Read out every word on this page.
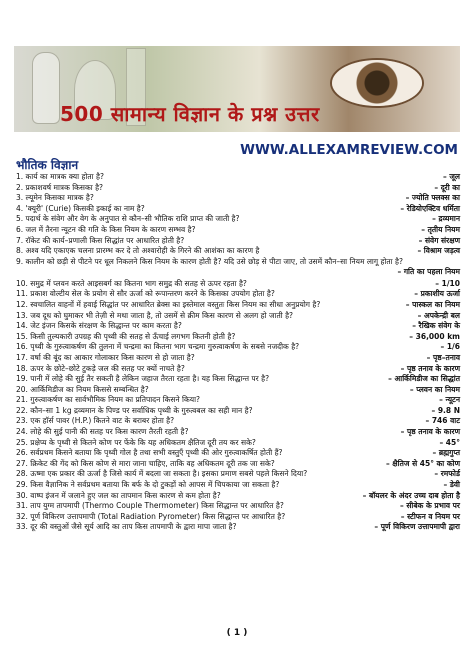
500 सामान्य विज्ञान के प्रश्न उत्तर
WWW.ALLEXAMREVIEW.COM
भौतिक विज्ञान
1. कार्य का मात्रक क्या होता है?	– जूल
2. प्रकाशवर्ष मात्रक किसका है?	– दूरी का
3. ल्यूमेन किसका मात्रक है?	– ज्योति फ्लक्स का
4. 'क्यूरी' (Curie) किसकी इकाई का नाम है?	– रेडियोएक्टिव धर्मिता
5. पदार्थ के संवेग और वेग के अनुपात से कौन–सी भौतिक राशि प्राप्त की जाती है?	– द्रव्यमान
6. जल में तैरना न्यूटन की गति के किस नियम के कारण सम्भव है?	– तृतीय नियम
7. रॉकेट की कार्य–प्रणाली किस सिद्धांत पर आधारित होती है?	– संवेग संरक्षण
8. अश्व यदि एकाएक चलना प्रारम्भ कर दे तो अश्वारोही के गिरने की आशंका का कारण है	– विश्राम जड़त्व
9. कालीन को छड़ी से पीटने पर धूल निकलने किस नियम के कारण होती है? यदि उसे छोड़ से पीटा जाए, तो उसमें कौन–सा नियम लागू होता है?
– गति का पहला नियम
10. समुद्र में प्लवन करते आइसबर्ग का कितना भाग समुद्र की सतह से ऊपर रहता है?	– 1/10
11. प्रकाश वोल्टीय सेल के प्रयोग से सौर ऊर्जा को रूपान्तरण करने के किसका उपयोग होता है?	– प्रकाशीय ऊर्जा
12. स्वचालित वाहनों में हवाई सिद्धांत पर आधारित ब्रेक्स का इस्तेमाल वस्तुतः किस नियम का सीधा अनुप्रयोग है?	– पास्कल का नियम
13. जब दूध को घुमाकर भी तेज़ी से मथा जाता है, तो उसमें से क्रीम किस कारण से अलग हो जाती है?	– अपकेन्द्री बल
14. जेट इंजन किसके संरक्षण के सिद्धान्त पर काम करता है?	– रैखिक संवेग के
15. किसी तुल्यकारी उपग्रह की पृथ्वी की सतह से ऊँचाई लगभग कितनी होती है?	– 36,000 km
16. पृथ्वी के गुरुत्वाकर्षण की तुलना में चन्द्रमा का कितना भाग चन्द्रमा गुरुत्वाकर्षण के सबसे नजदीक है?	– 1/6
17. वर्षा की बूंद का आकार गोलाकार किस कारण से हो जाता है?	– पृष्ठ–तनाव
18. ऊपर के छोटे–छोटे टुकड़े जल की सतह पर क्यों नाचते है?	– पृष्ठ तनाव के कारण
19. पानी में लोहे की सुई तैर सकती है लेकिन जहाज तैरता रहता है। यह किस सिद्धान्त पर है?	– आर्किमिडीज का सिद्धांत
20. आर्किमिडीज का नियम किससे सम्बन्धित है?	– प्लवन का नियम
21. गुरुत्वाकर्षण का सार्वभौमिक नियम का प्रतिपादन किसने किया?	– न्यूटन
22. कौन–सा 1 kg द्रव्यमान के पिण्ड पर सर्वाधिक पृथ्वी के गुरुत्वबल का सही मान है?	– 9.8 N
23. एक हॉर्स पावर (H.P.) कितने वाट के बराबर होता है?	– 746 वाट
24. लोहे की सुई पानी की सतह पर किस कारण तैरती रहती है?	– पृष्ठ तनाव के कारण
25. प्रक्षेप्य के पृथ्वी से कितने कोण पर फेंके कि यह अधिकतम क्षैतिज दूरी तय कर सके?	– 45°
26. सर्वप्रथम किसने बताया कि पृथ्वी गोल है तथा सभी वस्तुएँ पृथ्वी की ओर गुरुत्वाकर्षित होती हैं?	– ब्रह्मगुप्त
27. क्रिकेट की गेंद को किस कोण से मारा जाना चाहिए, ताकि वह अधिकतम दूरी तक जा सके?	– क्षैतिज से 45° का कोण
28. ऊष्मा एक प्रकार की ऊर्जा है जिसे कार्य में बदला जा सकता है। इसका प्रमाण सबसे पहले किसने दिया?	– रमफोर्ड
29. किस वैज्ञानिक ने सर्वप्रथम बताया कि बर्फ के दो टुकड़ों को आपस में चिपकाया जा सकता है?	– डेवी
30. वाष्प इंजन में जलाने हुए जल का तापमान किस कारण से कम होता है?	– बॉयलर के अंदर उच्च दाब होता है
31. ताप युग्म तापमापी (Thermo Couple Thermometer) किस सिद्धान्त पर आधारित है?	– सीबेक के प्रभाव पर
32. पूर्ण विकिरण उत्तापमापी (Total Radiation Pyrometer) किस सिद्धान्त पर आधारित है?	– स्टीफन व नियम पर
33. दूर की वस्तुओं जैसे सूर्य आदि का ताप किस तापमापी के द्वारा मापा जाता है?	– पूर्ण विकिरण उत्तापमापी द्वारा
( 1 )
